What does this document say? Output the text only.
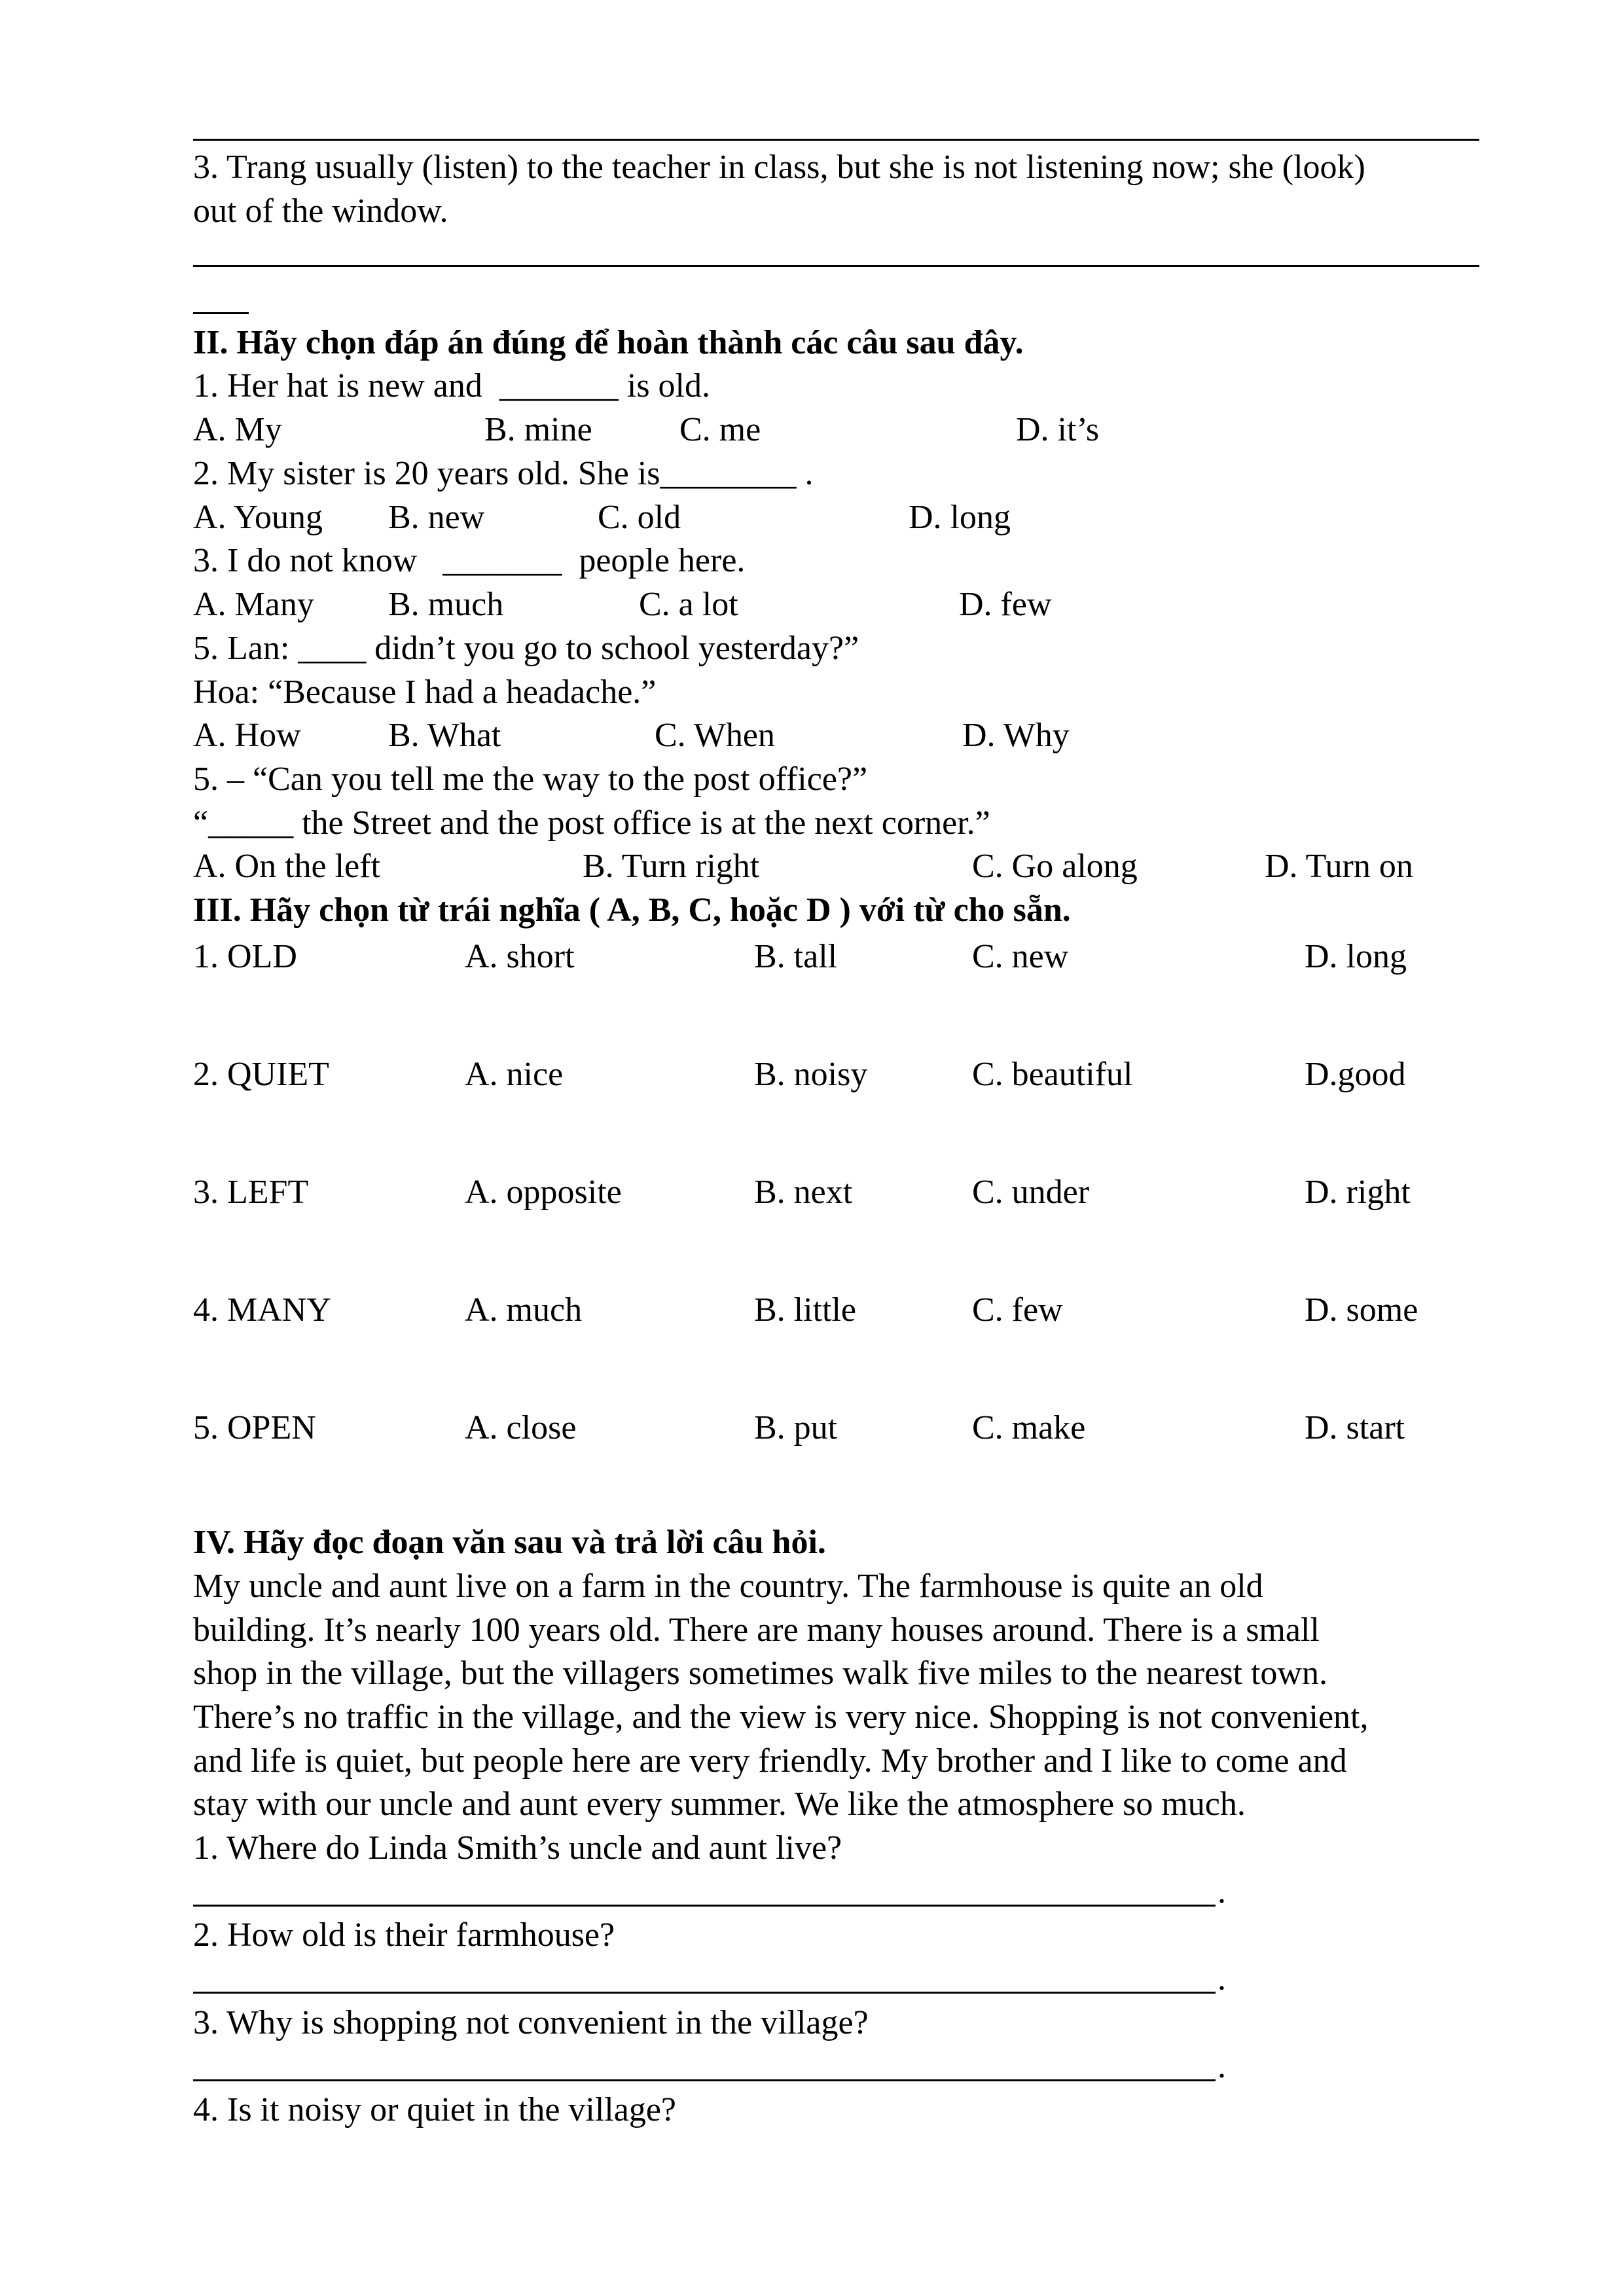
3. Trang usually (listen) to the teacher in class, but she is not listening now; she (look)
out of the window.
II. Hãy chọn đáp án đúng để hoàn thành các câu sau đây.
1. Her hat is new and  _______ is old.
A. My	B. mine	C. me	D. it’s
2. My sister is 20 years old. She is________ .
A. Young B. new	C. old	D. long
3. I do not know   _______  people here.
A. Many B. much	C. a lot	D. few
5. Lan: ____ didn’t you go to school yesterday?”
Hoa: “Because I had a headache.”
A. How	B. What	C. When	D. Why
5. – “Can you tell me the way to the post office?”
“_____ the Street and the post office is at the next corner.”
A. On the left	B. Turn right	C. Go along	D. Turn on
III. Hãy chọn từ trái nghĩa ( A, B, C, hoặc D ) với từ cho sẵn.
1. OLD	A. short	B. tall	C. new	D. long
2. QUIET	A. nice	B. noisy	C. beautiful	D.good
3. LEFT	A. opposite	B. next	C. under	D. right
4. MANY	A. much	B. little	C. few	D. some
5. OPEN	A. close	B. put	C. make	D. start
IV. Hãy đọc đoạn văn sau và trả lời câu hỏi.
My uncle and aunt live on a farm in the country. The farmhouse is quite an old
building. It’s nearly 100 years old. There are many houses around. There is a small
shop in the village, but the villagers sometimes walk five miles to the nearest town.
There’s no traffic in the village, and the view is very nice. Shopping is not convenient,
and life is quiet, but people here are very friendly. My brother and I like to come and
stay with our uncle and aunt every summer. We like the atmosphere so much.
1. Where do Linda Smith’s uncle and aunt live?
.
2. How old is their farmhouse?
.
3. Why is shopping not convenient in the village?
.
4. Is it noisy or quiet in the village?
